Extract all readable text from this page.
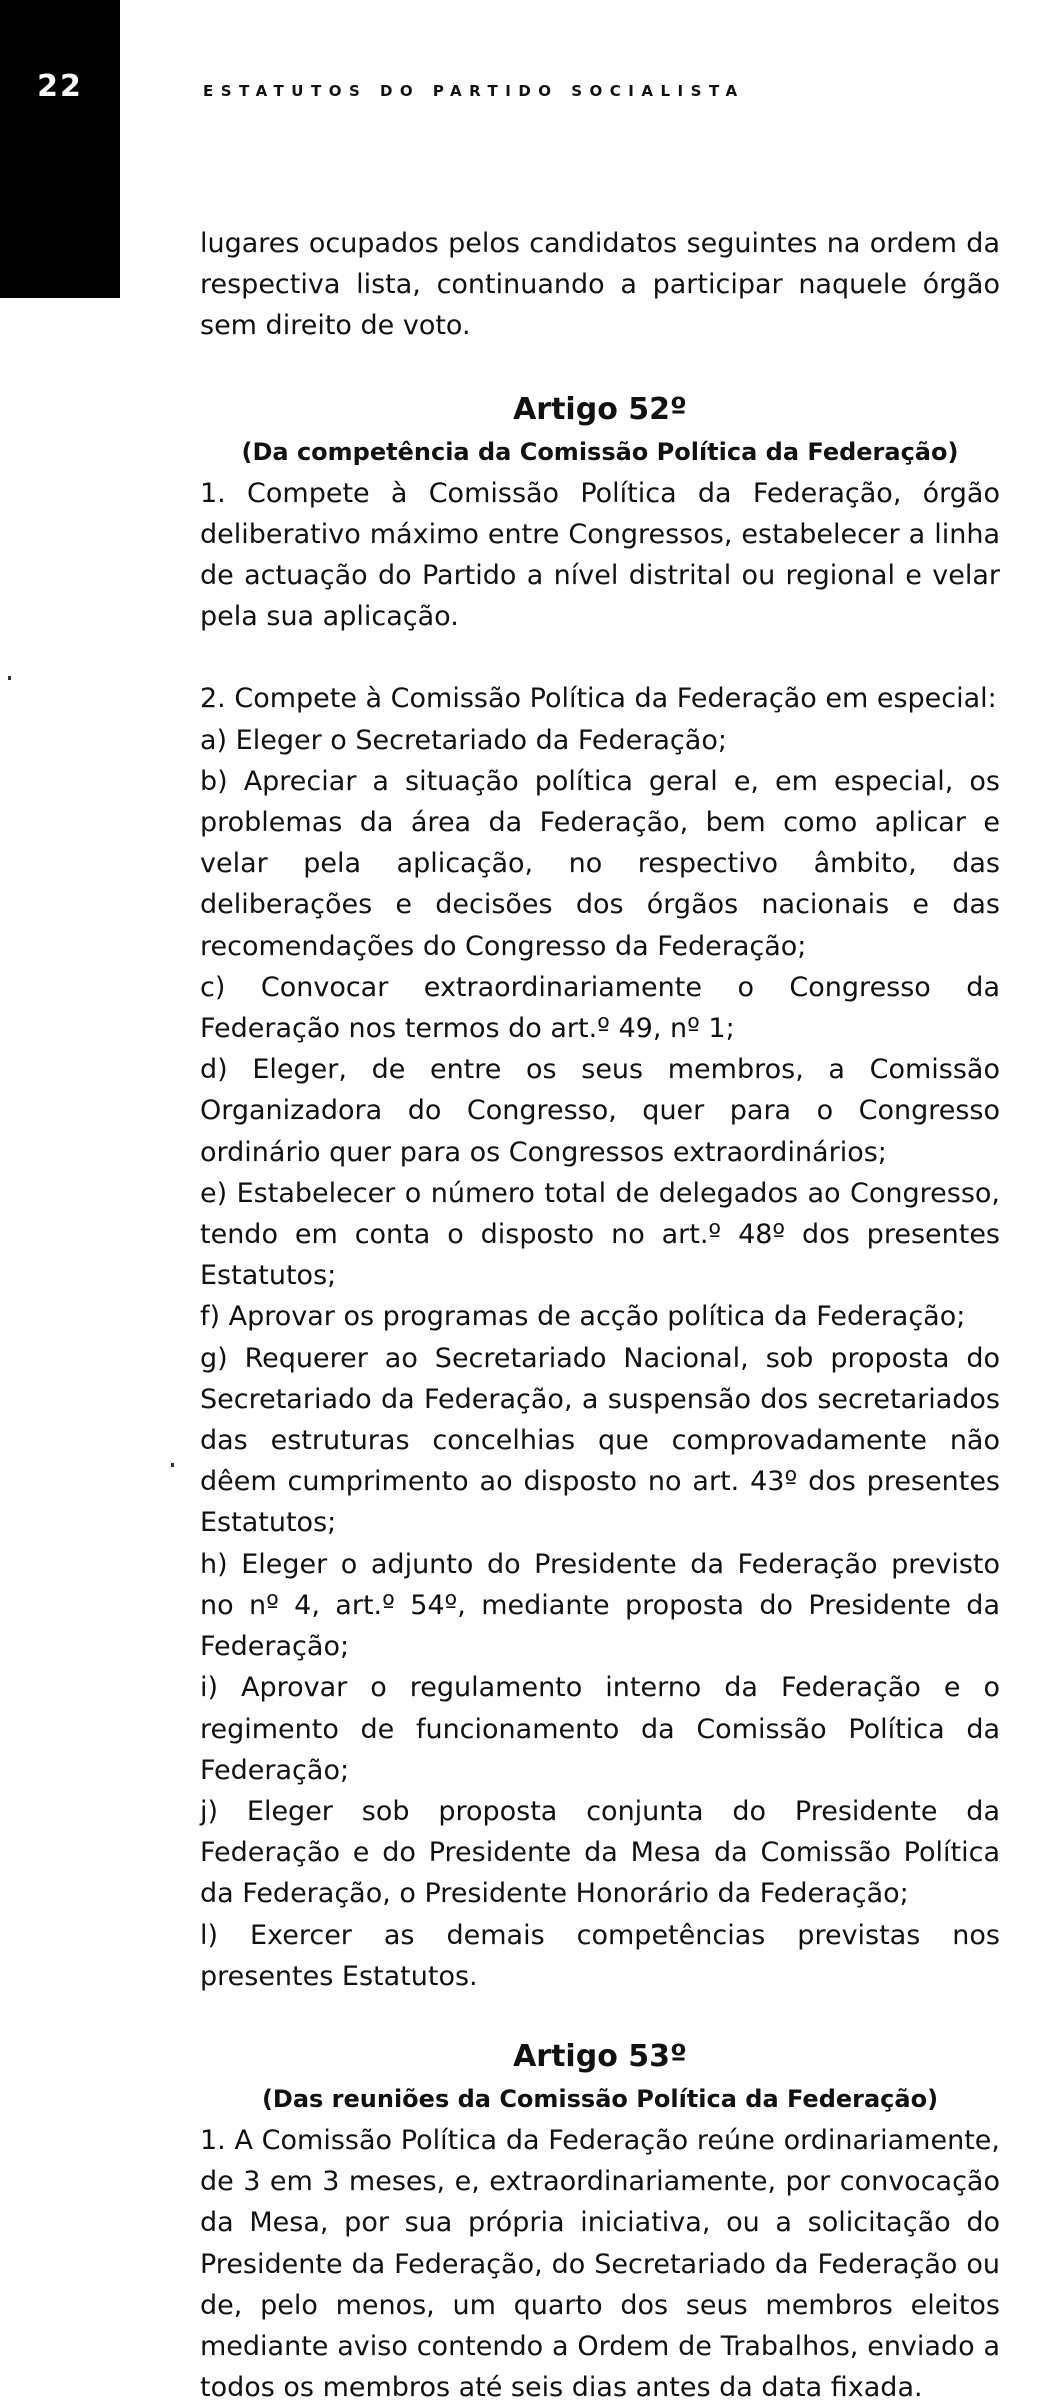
22	ESTATUTOS DO PARTIDO SOCIALISTA

lugares ocupados pelos candidatos seguintes na ordem da respectiva lista, continuando a participar naquele órgão sem direito de voto.

Artigo 52º
(Da competência da Comissão Política da Federação)

1. Compete à Comissão Política da Federação, órgão deliberativo máximo entre Congressos, estabelecer a linha de actuação do Partido a nível distrital ou regional e velar pela sua aplicação.

2. Compete à Comissão Política da Federação em especial:

a) Eleger o Secretariado da Federação;

b) Apreciar a situação política geral e, em especial, os problemas da área da Federação, bem como aplicar e velar pela aplicação, no respectivo âmbito, das deliberações e decisões dos órgãos nacionais e das recomendações do Congresso da Federação;

c) Convocar extraordinariamente o Congresso da Federação nos termos do art.º 49, nº 1;

d) Eleger, de entre os seus membros, a Comissão Organizadora do Congresso, quer para o Congresso ordinário quer para os Congressos extraordinários;

e) Estabelecer o número total de delegados ao Congresso, tendo em conta o disposto no art.º 48º dos presentes Estatutos;

f) Aprovar os programas de acção política da Federação;

g) Requerer ao Secretariado Nacional, sob proposta do Secretariado da Federação, a suspensão dos secretariados das estruturas concelhias que comprovadamente não dêem cumprimento ao disposto no art. 43º dos presentes Estatutos;

h) Eleger o adjunto do Presidente da Federação previsto no nº 4, art.º 54º, mediante proposta do Presidente da Federação;

i) Aprovar o regulamento interno da Federação e o regimento de funcionamento da Comissão Política da Federação;

j) Eleger sob proposta conjunta do Presidente da Federação e do Presidente da Mesa da Comissão Política da Federação, o Presidente Honorário da Federação;

l) Exercer as demais competências previstas nos presentes Estatutos.

Artigo 53º
(Das reuniões da Comissão Política da Federação)

1. A Comissão Política da Federação reúne ordinariamente, de 3 em 3 meses, e, extraordinariamente, por convocação da Mesa, por sua própria iniciativa, ou a solicitação do Presidente da Federação, do Secretariado da Federação ou de, pelo menos, um quarto dos seus membros eleitos mediante aviso contendo a Ordem de Trabalhos, enviado a todos os membros até seis dias antes da data fixada.
